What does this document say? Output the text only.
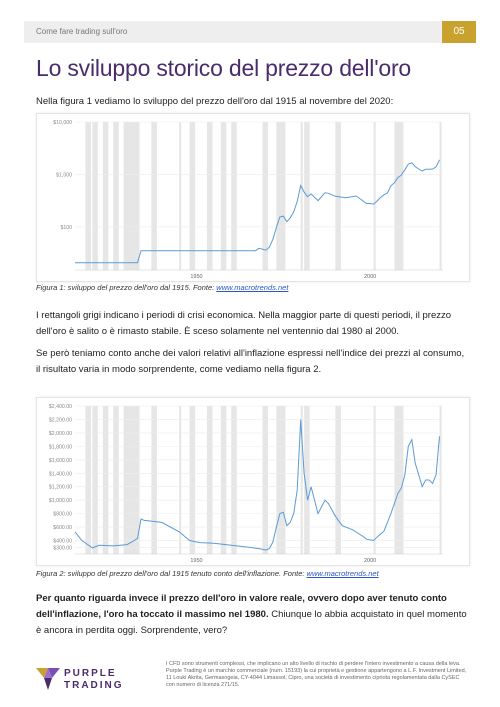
Come fare trading sull'oro	05
Lo sviluppo storico del prezzo dell'oro
Nella figura 1 vediamo lo sviluppo del prezzo dell'oro dal 1915 al novembre del 2020:
$10,000
$1,000
$100
1950	2000
Figura 1: sviluppo del prezzo dell'oro dal 1915. Fonte: www.macrotrends.net
I rettangoli grigi indicano i periodi di crisi economica. Nella maggior parte di questi periodi, il prezzo dell'oro è salito o è rimasto stabile. È sceso solamente nel ventennio dal 1980 al 2000.
Se però teniamo conto anche dei valori relativi all'inflazione espressi nell'indice dei prezzi al consumo, il risultato varia in modo sorprendente, come vediamo nella figura 2.
$2,400.00
$2,200.00
$2,000.00
$1,800.00
$1,600.00
$1,400.00
$1,200.00
$1,000.00
$800.00
$600.00
$400.00
$300.00
1950	2000
Figura 2: sviluppo del prezzo dell'oro dal 1915 tenuto conto dell'inflazione. Fonte: www.macrotrends.net
Per quanto riguarda invece il prezzo dell'oro in valore reale, ovvero dopo aver tenuto conto dell'inflazione, l'oro ha toccato il massimo nel 1980. Chiunque lo abbia acquistato in quel momento è ancora in perdita oggi. Sorprendente, vero?
PURPLE
TRADING
I CFD sono strumenti complessi, che implicano un alto livello di rischio di perdere l'intero investimento a causa della leva. Purple Trading è un marchio commerciale (num. 15193) la cui proprietà e gestione appartengono a L.F. Investment Limited, 11 Louki Akrita, Germasogeia, CY-4044 Limassol, Cipro, una società di investimento cipriota regolamentata dalla CySEC con numero di licenza 271/15.
